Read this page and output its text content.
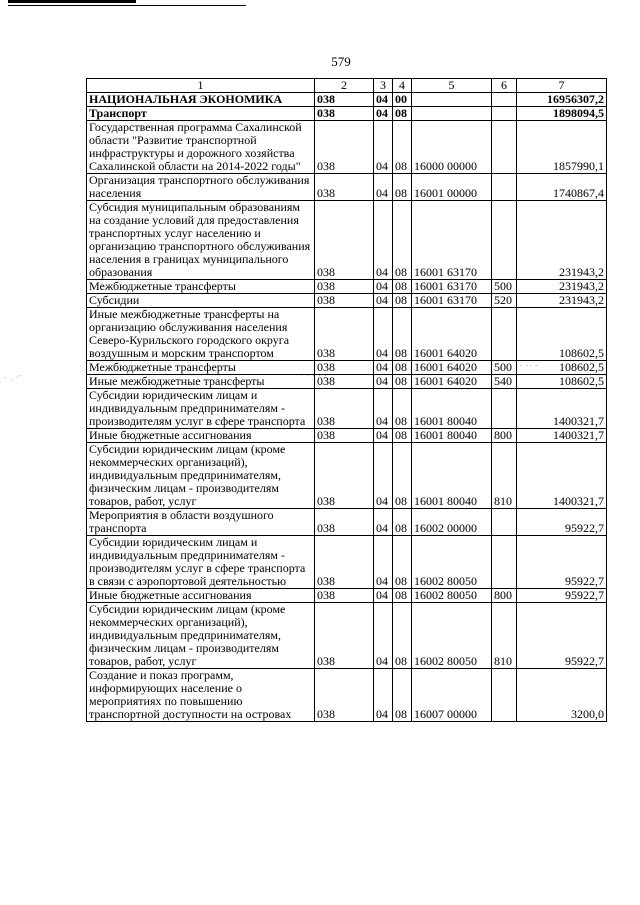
579
· . ·'	· · · · ·
· ·· ·
1	2	3	4	5	6	7
НАЦИОНАЛЬНАЯ ЭКОНОМИКА	038	04	00			16956307,2
Транспорт	038	04	08			1898094,5
Государственная программа Сахалинской области "Развитие транспортной инфраструктуры и дорожного хозяйства Сахалинской области на 2014-2022 годы"	038	04	08	16000 00000		1857990,1
Организация транспортного обслуживания населения	038	04	08	16001 00000		1740867,4
Субсидия муниципальным образованиям на создание условий для предоставления транспортных услуг населению и организацию транспортного обслуживания населения в границах муниципального образования	038	04	08	16001 63170		231943,2
Межбюджетные трансферты	038	04	08	16001 63170	500	231943,2
Субсидии	038	04	08	16001 63170	520	231943,2
Иные межбюджетные трансферты на организацию обслуживания населения Северо-Курильского городского округа воздушным и морским транспортом	038	04	08	16001 64020		108602,5
Межбюджетные трансферты	038	04	08	16001 64020	500	108602,5
Иные межбюджетные трансферты	038	04	08	16001 64020	540	108602,5
Субсидии юридическим лицам и индивидуальным предпринимателям - производителям услуг в сфере транспорта	038	04	08	16001 80040		1400321,7
Иные бюджетные ассигнования	038	04	08	16001 80040	800	1400321,7
Субсидии юридическим лицам (кроме некоммерческих организаций), индивидуальным предпринимателям, физическим лицам - производителям товаров, работ, услуг	038	04	08	16001 80040	810	1400321,7
Мероприятия в области воздушного транспорта	038	04	08	16002 00000		95922,7
Субсидии юридическим лицам и индивидуальным предпринимателям - производителям услуг в сфере транспорта в связи с аэропортовой деятельностью	038	04	08	16002 80050		95922,7
Иные бюджетные ассигнования	038	04	08	16002 80050	800	95922,7
Субсидии юридическим лицам (кроме некоммерческих организаций), индивидуальным предпринимателям, физическим лицам - производителям товаров, работ, услуг	038	04	08	16002 80050	810	95922,7
Создание и показ программ, информирующих население о мероприятиях по повышению транспортной доступности на островах	038	04	08	16007 00000		3200,0
